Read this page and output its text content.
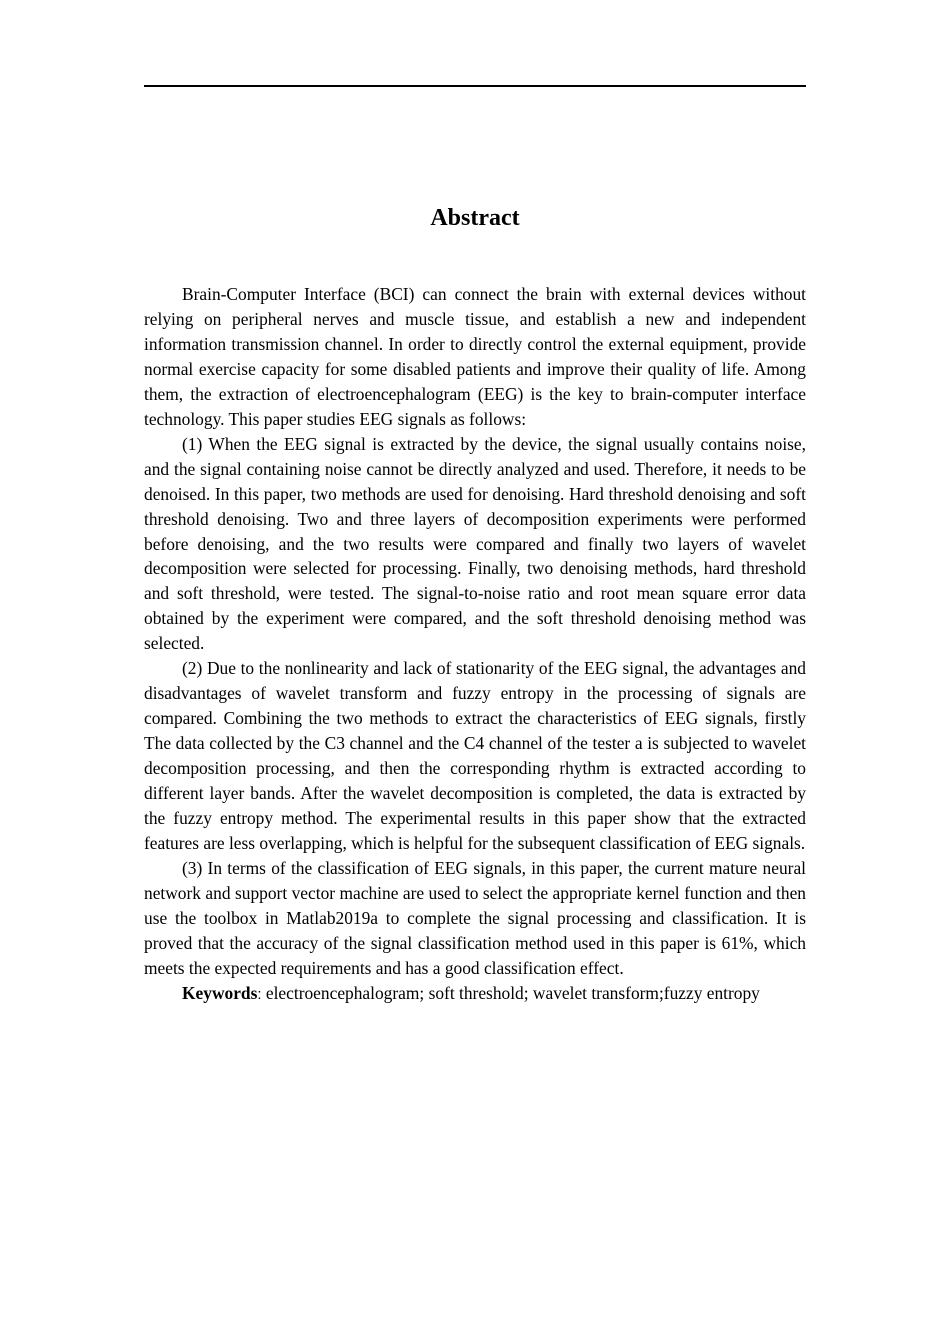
Abstract

Brain-Computer Interface (BCI) can connect the brain with external devices without relying on peripheral nerves and muscle tissue, and establish a new and independent information transmission channel. In order to directly control the external equipment, provide normal exercise capacity for some disabled patients and improve their quality of life. Among them, the extraction of electroencephalogram (EEG) is the key to brain-computer interface technology. This paper studies EEG signals as follows:

(1) When the EEG signal is extracted by the device, the signal usually contains noise, and the signal containing noise cannot be directly analyzed and used. Therefore, it needs to be denoised. In this paper, two methods are used for denoising. Hard threshold denoising and soft threshold denoising. Two and three layers of decomposition experiments were performed before denoising, and the two results were compared and finally two layers of wavelet decomposition were selected for processing. Finally, two denoising methods, hard threshold and soft threshold, were tested. The signal-to-noise ratio and root mean square error data obtained by the experiment were compared, and the soft threshold denoising method was selected.

(2) Due to the nonlinearity and lack of stationarity of the EEG signal, the advantages and disadvantages of wavelet transform and fuzzy entropy in the processing of signals are compared. Combining the two methods to extract the characteristics of EEG signals, firstly The data collected by the C3 channel and the C4 channel of the tester a is subjected to wavelet decomposition processing, and then the corresponding rhythm is extracted according to different layer bands. After the wavelet decomposition is completed, the data is extracted by the fuzzy entropy method. The experimental results in this paper show that the extracted features are less overlapping, which is helpful for the subsequent classification of EEG signals.

(3) In terms of the classification of EEG signals, in this paper, the current mature neural network and support vector machine are used to select the appropriate kernel function and then use the toolbox in Matlab2019a to complete the signal processing and classification. It is proved that the accuracy of the signal classification method used in this paper is 61%, which meets the expected requirements and has a good classification effect.

Keywords: electroencephalogram; soft threshold; wavelet transform;fuzzy entropy
